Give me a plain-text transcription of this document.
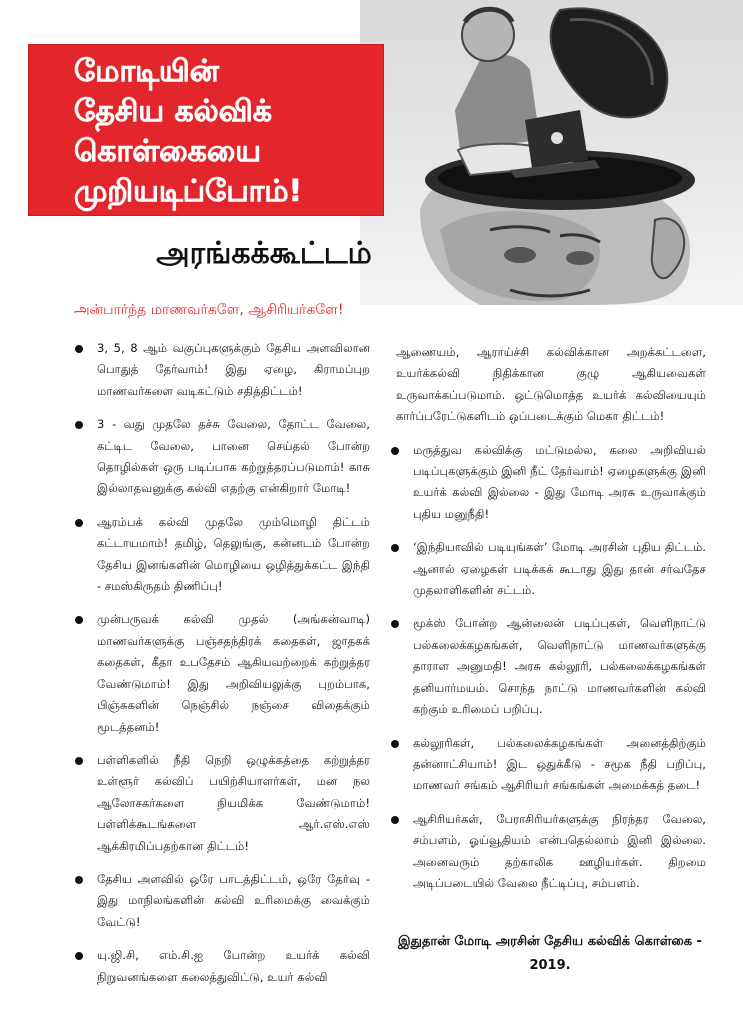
மோடியின்
தேசிய கல்விக்
கொள்கையை
முறியடிப்போம்!
அரங்கக்கூட்டம்
அன்பார்ந்த மாணவர்களே, ஆசிரியர்களே!
3, 5, 8 ஆம் வகுப்புகளுக்கும் தேசிய அளவிலான பொதுத் தேர்வாம்! இது ஏழை, கிராமப்புற மாணவர்களை வடிகட்டும் சதித்திட்டம்!
3 - வது முதலே தச்சு வேலை, தோட்ட வேலை, கட்டிட வேலை, பானை செய்தல் போன்ற தொழில்கள் ஒரு படிப்பாக கற்றுத்தரப்படுமாம்! காசு இல்லாதவனுக்கு கல்வி எதற்கு என்கிறார் மோடி!
ஆரம்பக் கல்வி முதலே மும்மொழி திட்டம் கட்டாயமாம்! தமிழ், தெலுங்கு, கன்னடம் போன்ற தேசிய இனங்களின் மொழியை ஒழித்துக்கட்ட இந்தி - சமஸ்கிருதம் திணிப்பு!
முன்பருவக் கல்வி முதல் (அங்கன்வாடி) மாணவர்களுக்கு பஞ்சதந்திரக் கதைகள், ஜாதகக் கதைகள், கீதா உபதேசம் ஆகியவற்றைக் கற்றுத்தர வேண்டுமாம்! இது அறிவியலுக்கு புறம்பாக, பிஞ்சுகளின் நெஞ்சில் நஞ்சை விதைக்கும் மூடத்தனம்!
பள்ளிகளில் நீதி நெறி ஒழுக்கத்தை கற்றுத்தர உள்ளூர் கல்விப் பயிற்சியாளர்கள், மன நல ஆலோசகர்களை நியமிக்க வேண்டுமாம்! பள்ளிக்கூடங்களை ஆர்.எஸ்.எஸ் ஆக்கிரமிப்பதற்கான திட்டம்!
தேசிய அளவில் ஒரே பாடத்திட்டம், ஒரே தேர்வு - இது மாநிலங்களின் கல்வி உரிமைக்கு வைக்கும் வேட்டு!
யு.ஜி.சி, எம்.சி.ஐ போன்ற உயர்க் கல்வி நிறுவனங்களை கலைத்துவிட்டு, உயர் கல்வி
ஆணையம், ஆராய்ச்சி கல்விக்கான அறக்கட்டளை, உயர்க்கல்வி நிதிக்கான குழு ஆகியவைகள் உருவாக்கப்படுமாம். ஒட்டுமொத்த உயர்க் கல்வியையும் கார்ப்பரேட்டுகளிடம் ஒப்படைக்கும் மெகா திட்டம்!
மருத்துவ கல்விக்கு மட்டுமல்ல, கலை அறிவியல் படிப்புகளுக்கும் இனி நீட் தேர்வாம்! ஏழைகளுக்கு இனி உயர்க் கல்வி இல்லை - இது மோடி அரசு உருவாக்கும் புதிய மனுநீதி!
‘இந்தியாவில் படியுங்கள்’ மோடி அரசின் புதிய திட்டம். ஆனால் ஏழைகள் படிக்கக் கூடாது இது தான் சர்வதேச முதலாளிகளின் சட்டம்.
மூக்ஸ் போன்ற ஆன்லைன் படிப்புகள், வெளிநாட்டு பல்கலைக்கழகங்கள், வெளிநாட்டு மாணவர்களுக்கு தாராள அனுமதி! அரசு கல்லூரி, பல்கலைக்கழகங்கள் தனியார்மயம். சொந்த நாட்டு மாணவர்களின் கல்வி கற்கும் உரிமைப் பறிப்பு.
கல்லூரிகள், பல்கலைக்கழகங்கள் அனைத்திற்கும் தன்னாட்சியாம்! இட ஒதுக்கீடு - சமூக நீதி பறிப்பு, மாணவர் சங்கம் ஆசிரியர் சங்கங்கள் அமைக்கத் தடை!
ஆசிரியர்கள், பேராசிரியர்களுக்கு நிரந்தர வேலை, சம்பளம், ஓய்வூதியம் என்பதெல்லாம் இனி இல்லை. அனைவரும் தற்காலிக ஊழியர்கள். திறமை அடிப்படையில் வேலை நீட்டிப்பு, சம்பளம்.
இதுதான் மோடி அரசின் தேசிய கல்விக் கொள்கை - 2019.
